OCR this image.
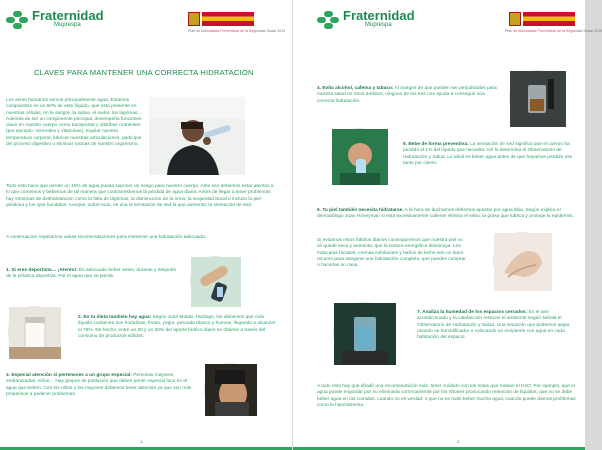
Fraternidad
Muprespa
Plan de Actividades Preventivas de la Seguridad Social 2019
CLAVES PARA MANTENER UNA CORRECTA HIDRATACIÓN
Los seres humanos somos principalmente agua. Estamos compuestos en un 60% de este líquido, que está presente en nuestras células, en la sangre, la saliva, el sudor, los lágrimas… Además de ser un componente principal, desempeña funciones clave en nuestro cuerpo como transportar y distribuir nutrientes (por ejemplo: minerales y vitaminas), regular nuestra temperatura corporal, lubricar nuestras articulaciones, participar del proceso digestivo o eliminar toxinas de nuestro organismo.
Todo esto hace que perder un 10% de agua pueda suponer un riesgo para nuestro cuerpo. Ante eso debemos estar atentos a lo que comemos y bebemos de tal manera que contrarrestemos la pérdida de agua diaria. Antes de llegar a tener problemas hay síntomas de deshidratación como la falta de lágrimas, la disminución de la orina, la sequedad bucal e incluso la piel grisácea y los ojos hundidos. Aunque, sobre todo, es una la sensación de sed la que aumenta: la sensación de sed.
A continuación repasamos varias recomendaciones para mantener una hidratación adecuada:
1. Si eres deportista… ¡Atento!: Es adecuado beber antes, durante y después de la práctica deportiva. Por el agua que se pierde.
2. En tu dieta también hay agua: Según José Mataix, fisiólogo, los alimentos que más líquido contienen son hortalizas, frutas, yogur, pescado blanco y huevos, llegando a alcanzar el 75%. De hecho, entre un 20 y un 30% del aporte hídrico diario se obtiene a través del consumo de productos sólidos.
3. Especial atención si perteneces a un grupo especial: Personas mayores, embarazadas, niños… Hay grupos de población que deben poner especial foco en el agua que beben. Con los niños y los mayores debemos tener atención ya que son más propensos a padecer problemas.
1
Fraternidad
Muprespa
Plan de Actividades Preventivas de la Seguridad Social 2019
4. Evita alcohol, cafeína y tabaco: Al margen de que pueden ser perjudiciales para nuestra salud en otros ámbitos, ninguno de los tres nos ayuda a conseguir una correcta hidratación.
5. Bebe de forma preventiva: La sensación de sed significa que el cuerpo ha perdido el 1% del líquido que necesita. Así lo determina el Observatorio de Hidratación y Salud. Lo ideal es beber agua antes de que hayamos perdido ese tanto por ciento.
6. Tu piel también necesita hidratarse. A la hora de ducharnos debemos apostar por agua tibia. Según explica el dermatólogo Juan Honeyman si está excesivamente caliente elimina el sebo, la grasa que lubrica y protege la epidermis.
Si evitamos estos hábitos diarios conseguiremos que nuestra piel no se quede seca y aumenta, que la textura energética disminuya. Los máscaras faciales, cremas exfoliantes y baños de leche son un buen recurso para asegurar una hidratación completa, que puedes comprar o hacerlas en casa.
7. Analiza la humedad de los espacios cerrados: En el aire acondicionado y la calefacción resecan el ambiente según señala el Observatorio de Hidratación y Salud. Una situación que podemos atajar usando un humidificador o colocando un recipiente con agua en cada habitación del espacio.
A todo esto hay que añadir una recomendación más: tener cuidado con los mitos que rodean el H2O. Por ejemplo, que el agua puede engordar por no eliminarla correctamente por los riñones provocando retención de líquidos; que no se debe beber agua en las comidas, cuando no es verdad; o que no es malo beber mucha agua, cuando puede darnos problemas como la hiponatremia.
2
